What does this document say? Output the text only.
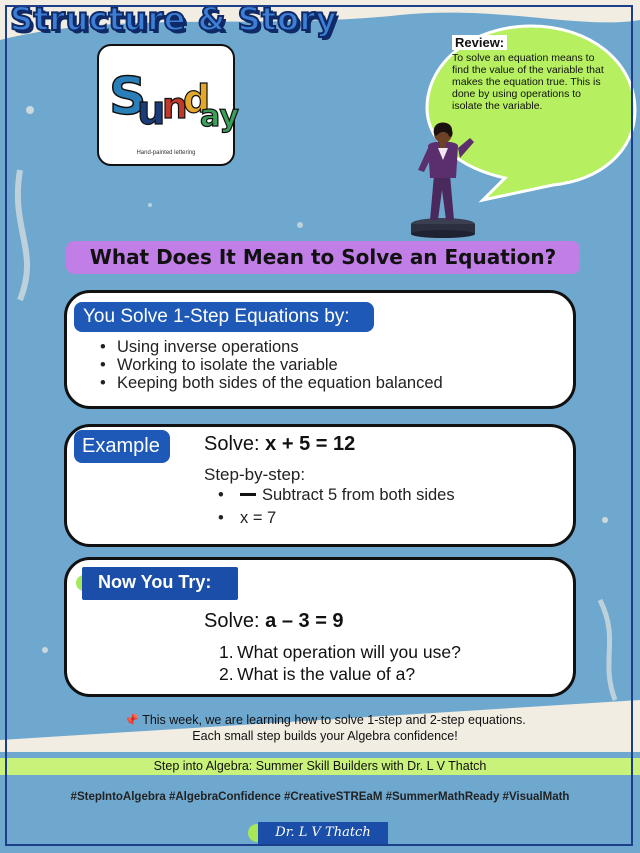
Structure & Story
S
u
n
d
ay
Hand-painted lettering
Review:
To solve an equation means to find the value of the variable that makes the equation true. This is done by using operations to isolate the variable.
What Does It Mean to Solve an Equation?
You Solve 1-Step Equations by:
• Using inverse operations
• Working to isolate the variable
• Keeping both sides of the equation balanced
Example	Solve: x + 5 = 12
Step-by-step:
• Subtract 5 from both sides
• x = 7
Now You Try:
Solve: a – 3 = 9
1. What operation will you use?
2. What is the value of a?
📌 This week, we are learning how to solve 1-step and 2-step equations.
Each small step builds your Algebra confidence!
Step into Algebra: Summer Skill Builders with Dr. L V Thatch
#StepIntoAlgebra #AlgebraConfidence #CreativeSTREaM #SummerMathReady #VisualMath
Dr. L V Thatch
